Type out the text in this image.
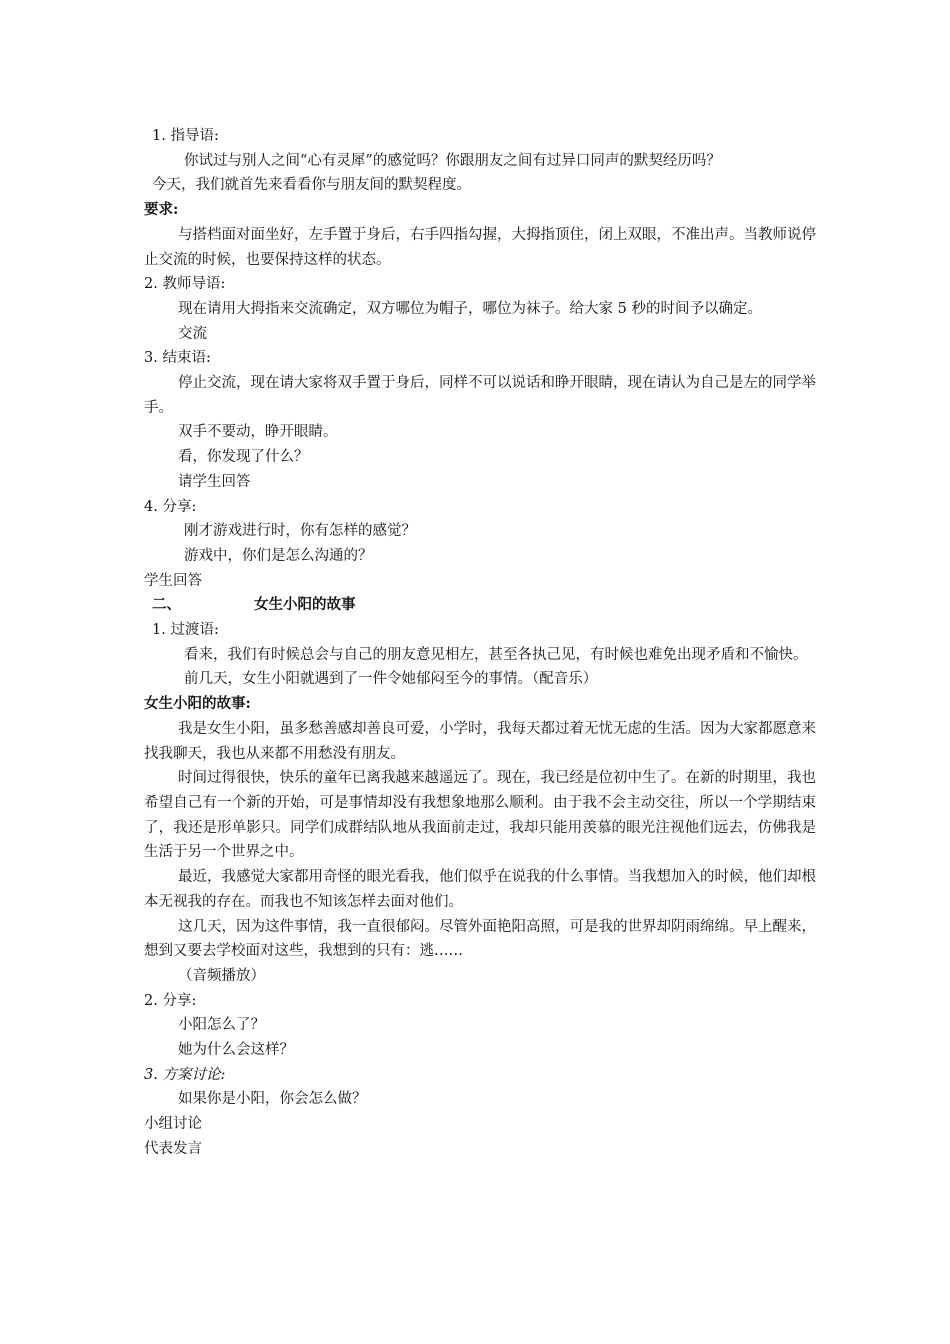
1. 指导语:

你试过与别人之间“心有灵犀”的感觉吗？你跟朋友之间有过异口同声的默契经历吗？

今天，我们就首先来看看你与朋友间的默契程度。

要求:

与搭档面对面坐好，左手置于身后，右手四指勾握，大拇指顶住，闭上双眼，不准出声。当教师说停止交流的时候，也要保持这样的状态。

2. 教师导语:

现在请用大拇指来交流确定，双方哪位为帽子，哪位为袜子。给大家 5 秒的时间予以确定。

交流

3. 结束语:

停止交流，现在请大家将双手置于身后，同样不可以说话和睁开眼睛，现在请认为自己是左的同学举手。

双手不要动，睁开眼睛。

看，你发现了什么？

请学生回答

4. 分享:

刚才游戏进行时，你有怎样的感觉？

游戏中，你们是怎么沟通的？

学生回答

二、	女生小阳的故事

1. 过渡语:

看来，我们有时候总会与自己的朋友意见相左，甚至各执己见，有时候也难免出现矛盾和不愉快。

前几天，女生小阳就遇到了一件令她郁闷至今的事情。（配音乐）

女生小阳的故事:

我是女生小阳，虽多愁善感却善良可爱，小学时，我每天都过着无忧无虑的生活。因为大家都愿意来找我聊天，我也从来都不用愁没有朋友。

时间过得很快，快乐的童年已离我越来越遥远了。现在，我已经是位初中生了。在新的时期里，我也希望自己有一个新的开始，可是事情却没有我想象地那么顺利。由于我不会主动交往，所以一个学期结束了，我还是形单影只。同学们成群结队地从我面前走过，我却只能用羡慕的眼光注视他们远去，仿佛我是生活于另一个世界之中。

最近，我感觉大家都用奇怪的眼光看我，他们似乎在说我的什么事情。当我想加入的时候，他们却根本无视我的存在。而我也不知该怎样去面对他们。

这几天，因为这件事情，我一直很郁闷。尽管外面艳阳高照，可是我的世界却阴雨绵绵。早上醒来，想到又要去学校面对这些，我想到的只有：逃……

（音频播放）

2. 分享:

小阳怎么了？

她为什么会这样？

3. 方案讨论:

如果你是小阳，你会怎么做？

小组讨论

代表发言
